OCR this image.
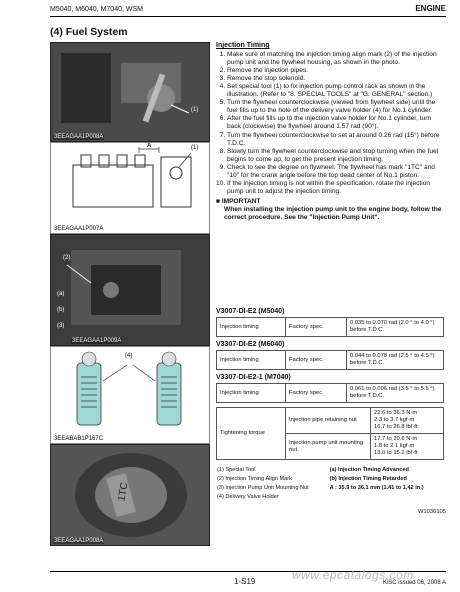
M5040, M6040, M7040, WSM	ENGINE
(4) Fuel System
(1)
3EEAGAA1P008A
A	(1)
3EEAGAA1P007A
(2)
(a)
(b)
(3)
3EEAGAA1P009A
(4)
3EEABAB1P167C
1TC
3EEAGAA1P008A
Injection Timing
1. Make sure of matching the injection timing align mark (2) of the injection pump unit and the flywheel housing, as shown in the photo.
2. Remove the injection pipes.
3. Remove the stop solenoid.
4. Set special tool (1) to fix injection pump control rack as shown in the illustration. (Refer to "8. SPECIAL TOOLS" at "G. GENERAL" section.)
5. Turn the flywheel counterclockwise (viewed from flywheel side) until the fuel fills up to the hole of the delivery valve holder (4) for No.1 cylinder.
6. After the fuel fills up to the injection valve holder for No.1 cylinder, turn back (clockwise) the flywheel around 1.57 rad (90°).
7. Turn the flywheel counterclockwise to set at around 0.26 rad (15°) before T.D.C.
8. Slowly turn the flywheel counterclockwise and stop turning when the fuel begins to come up, to get the present injection timing.
9. Check to see the degree on flywheel. The flywheel has mark "1TC" and "10" for the crank angle before the top dead center of No.1 piston.
10. If the injection timing is not within the specification, rotate the injection pump unit to adjust the injection timing.
■ IMPORTANT
When installing the injection pump unit to the engine body, follow the correct procedure. See the "Injection Pump Unit".
V3007-DI-E2 (M5040)
Injection timing	Factory spec.	0.035 to 0.070 rad (2.0 ° to 4.0 °) before T.D.C.
V3307-DI-E2 (M6040)
Injection timing	Factory spec.	0.044 to 0.078 rad (2.5 ° to 4.5 °) before T.D.C.
V3307-DI-E2-1 (M7040)
Injection timing	Factory spec.	0.061 to 0.096 rad (3.5 ° to 5.5 °) before T.D.C.
Tightening torque	Injection pipe retaining nut	22.6 to 36.3 N·m
2.3 to 3.7 kgf·m
16.7 to 26.8 lbf·ft
	Injection pump unit mounting nut	17.7 to 20.6 N·m
1.8 to 2.1 kgf·m
13.0 to 15.2 lbf·ft
(1) Special Tool	(a) Injection Timing Advanced
(2) Injection Timing Align Mark	(b) Injection Timing Retarded
(3) Injection Pump Unit Mounting Nut	A : 35.9 to 36.1 mm (1.41 to 1.42 in.)
(4) Delivery Valve Holder	
W1036105
1-S19	www.epcatalogs.com
KiSC issued 06, 2008 A
